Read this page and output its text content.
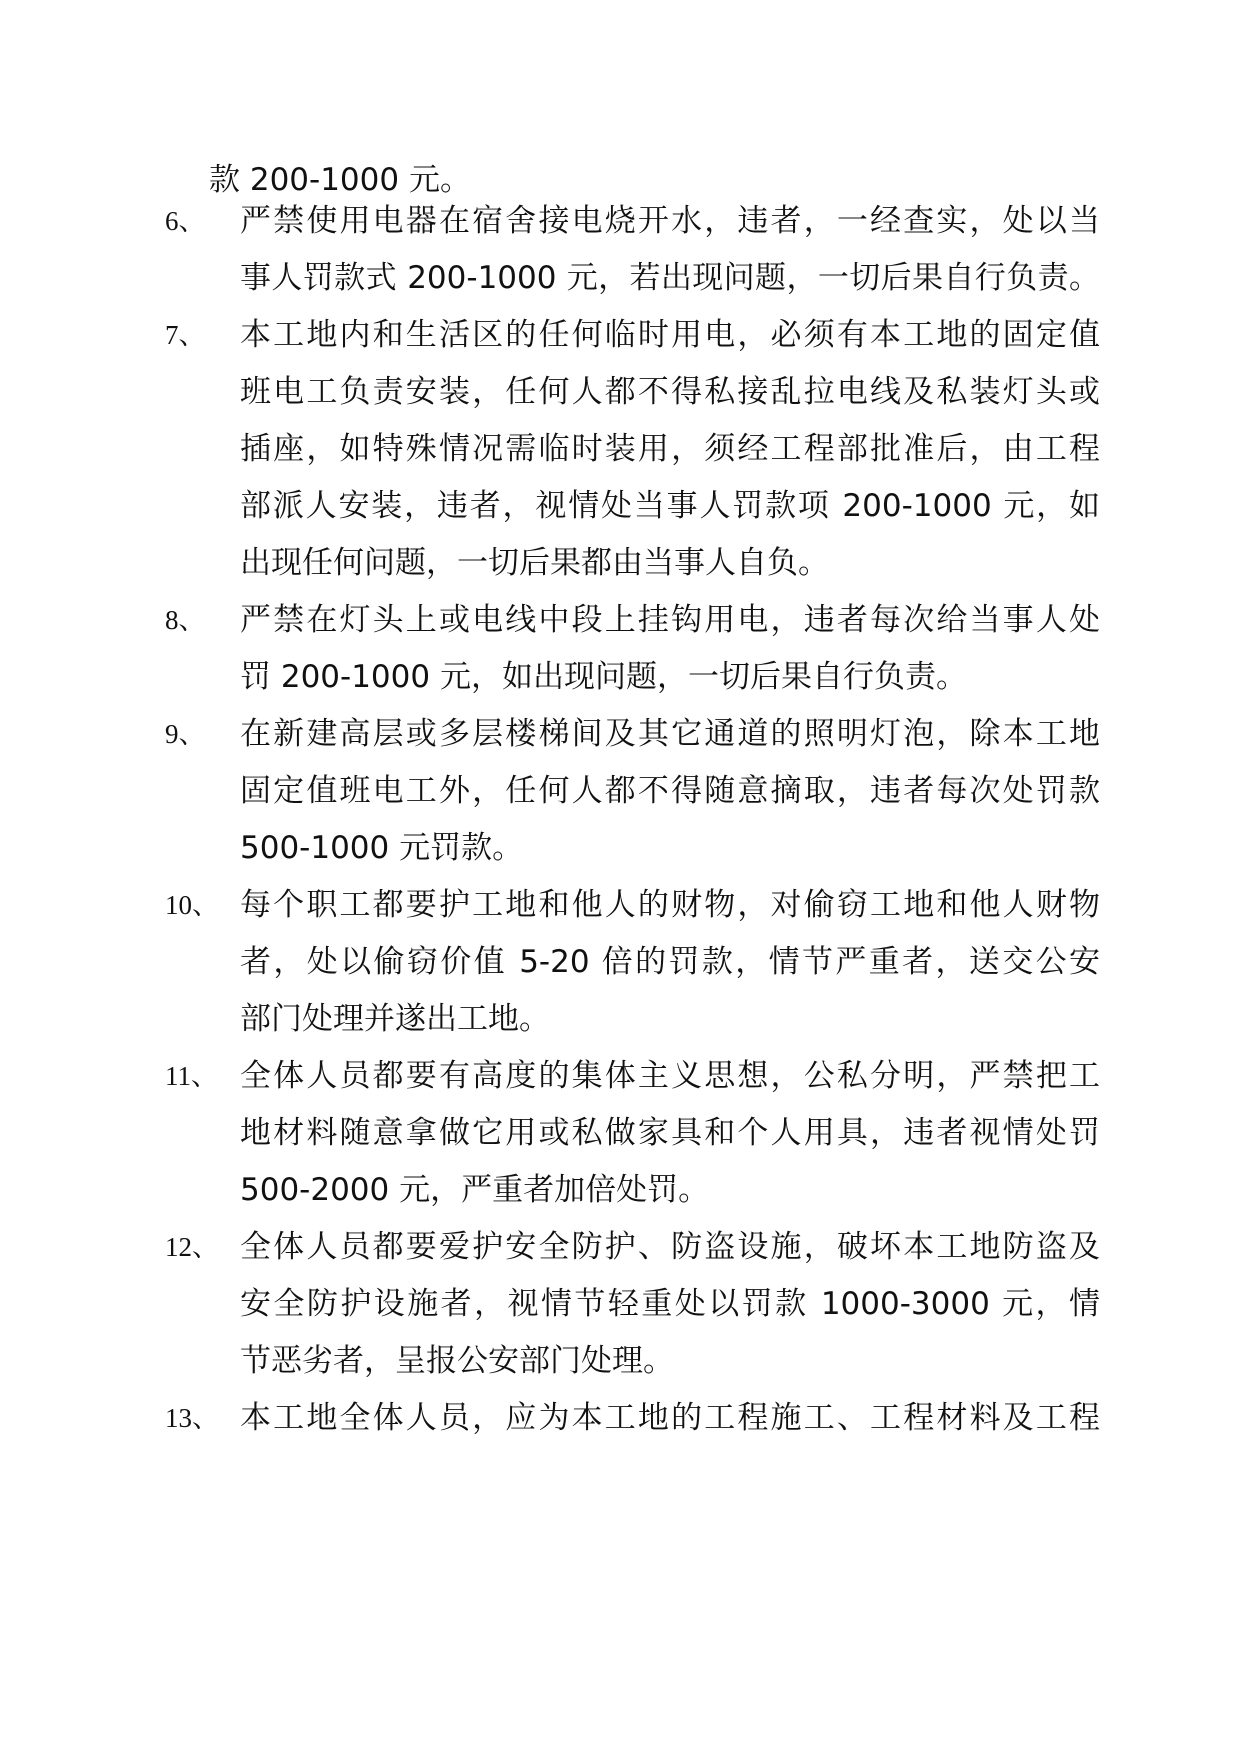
款 200-1000 元。
6、 严禁使用电器在宿舍接电烧开水，违者，一经查实，处以当
事人罚款式 200-1000 元，若出现问题，一切后果自行负责。
7、 本工地内和生活区的任何临时用电，必须有本工地的固定值
班电工负责安装，任何人都不得私接乱拉电线及私装灯头或
插座，如特殊情况需临时装用，须经工程部批准后，由工程
部派人安装，违者，视情处当事人罚款项 200-1000 元，如
出现任何问题，一切后果都由当事人自负。
8、 严禁在灯头上或电线中段上挂钩用电，违者每次给当事人处
罚 200-1000 元，如出现问题，一切后果自行负责。
9、 在新建高层或多层楼梯间及其它通道的照明灯泡，除本工地
固定值班电工外，任何人都不得随意摘取，违者每次处罚款
500-1000 元罚款。
10、 每个职工都要护工地和他人的财物，对偷窃工地和他人财物
者，处以偷窃价值 5-20 倍的罚款，情节严重者，送交公安
部门处理并遂出工地。
11、 全体人员都要有高度的集体主义思想，公私分明，严禁把工
地材料随意拿做它用或私做家具和个人用具，违者视情处罚
500-2000 元，严重者加倍处罚。
12、 全体人员都要爱护安全防护、防盗设施，破坏本工地防盗及
安全防护设施者，视情节轻重处以罚款 1000-3000 元，情
节恶劣者，呈报公安部门处理。
13、 本工地全体人员，应为本工地的工程施工、工程材料及工程
